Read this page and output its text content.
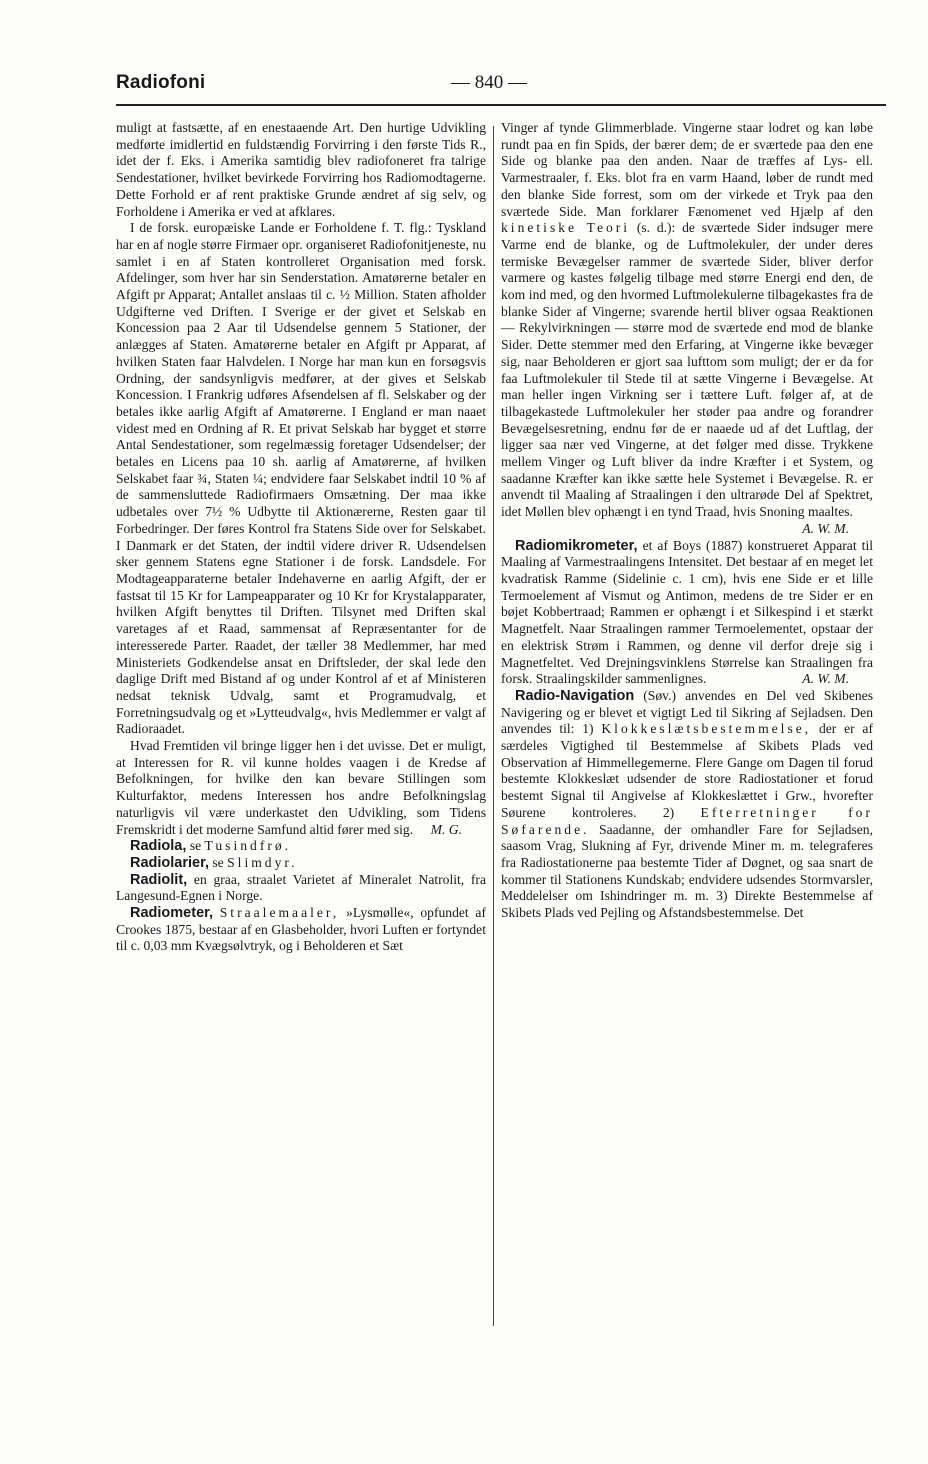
Radiofoni	— 840 —

muligt at fastsætte, af en enestaaende Art. Den hurtige Udvikling medførte imidlertid en fuldstændig Forvirring i den første Tids R., idet der f. Eks. i Amerika samtidig blev radiofoneret fra talrige Sendestationer, hvilket bevirkede Forvirring hos Radiomodtagerne. Dette Forhold er af rent praktiske Grunde ændret af sig selv, og Forholdene i Amerika er ved at afklares.

I de forsk. europæiske Lande er Forholdene f. T. flg.: Tyskland har en af nogle større Firmaer opr. organiseret Radiofonitjeneste, nu samlet i en af Staten kontrolleret Organisation med forsk. Afdelinger, som hver har sin Senderstation. Amatørerne betaler en Afgift pr Apparat; Antallet anslaas til c. ½ Million. Staten afholder Udgifterne ved Driften. I Sverige er der givet et Selskab en Koncession paa 2 Aar til Udsendelse gennem 5 Stationer, der anlægges af Staten. Amatørerne betaler en Afgift pr Apparat, af hvilken Staten faar Halvdelen. I Norge har man kun en forsøgsvis Ordning, der sandsynligvis medfører, at der gives et Selskab Koncession. I Frankrig udføres Afsendelsen af fl. Selskaber og der betales ikke aarlig Afgift af Amatørerne. I England er man naaet videst med en Ordning af R. Et privat Selskab har bygget et større Antal Sendestationer, som regelmæssig foretager Udsendelser; der betales en Licens paa 10 sh. aarlig af Amatørerne, af hvilken Selskabet faar ¾, Staten ¼; endvidere faar Selskabet indtil 10 % af de sammensluttede Radiofirmaers Omsætning. Der maa ikke udbetales over 7½ % Udbytte til Aktionærerne, Resten gaar til Forbedringer. Der føres Kontrol fra Statens Side over for Selskabet. I Danmark er det Staten, der indtil videre driver R. Udsendelsen sker gennem Statens egne Stationer i de forsk. Landsdele. For Modtageapparaterne betaler Indehaverne en aarlig Afgift, der er fastsat til 15 Kr for Lampeapparater og 10 Kr for Krystalapparater, hvilken Afgift benyttes til Driften. Tilsynet med Driften skal varetages af et Raad, sammensat af Repræsentanter for de interesserede Parter. Raadet, der tæller 38 Medlemmer, har med Ministeriets Godkendelse ansat en Driftsleder, der skal lede den daglige Drift med Bistand af og under Kontrol af et af Ministeren nedsat teknisk Udvalg, samt et Programudvalg, et Forretningsudvalg og et »Lytteudvalg«, hvis Medlemmer er valgt af Radioraadet.

Hvad Fremtiden vil bringe ligger hen i det uvisse. Det er muligt, at Interessen for R. vil kunne holdes vaagen i de Kredse af Befolkningen, for hvilke den kan bevare Stillingen som Kulturfaktor, medens Interessen hos andre Befolkningslag naturligvis vil være underkastet den Udvikling, som Tidens Fremskridt i det moderne Samfund altid fører med sig.	M. G.

Radiola, se Tusindfrø.

Radiolarier, se Slimdyr.

Radiolit, en graa, straalet Varietet af Mineralet Natrolit, fra Langesund-Egnen i Norge.

Radiometer, Straalemaaler, »Lysmølle«, opfundet af Crookes 1875, bestaar af en Glasbeholder, hvori Luften er fortyndet til c. 0,03 mm Kvægsølvtryk, og i Beholderen et Sæt

Vinger af tynde Glimmerblade. Vingerne staar lodret og kan løbe rundt paa en fin Spids, der bærer dem; de er sværtede paa den ene Side og blanke paa den anden. Naar de træffes af Lys- ell. Varmestraaler, f. Eks. blot fra en varm Haand, løber de rundt med den blanke Side forrest, som om der virkede et Tryk paa den sværtede Side. Man forklarer Fænomenet ved Hjælp af den kinetiske Teori (s. d.): de sværtede Sider indsuger mere Varme end de blanke, og de Luftmolekuler, der under deres termiske Bevægelser rammer de sværtede Sider, bliver derfor varmere og kastes følgelig tilbage med større Energi end den, de kom ind med, og den hvormed Luftmolekulerne tilbagekastes fra de blanke Sider af Vingerne; svarende hertil bliver ogsaa Reaktionen — Rekylvirkningen — større mod de sværtede end mod de blanke Sider. Dette stemmer med den Erfaring, at Vingerne ikke bevæger sig, naar Beholderen er gjort saa lufttom som muligt; der er da for faa Luftmolekuler til Stede til at sætte Vingerne i Bevægelse. At man heller ingen Virkning ser i tættere Luft. følger af, at de tilbagekastede Luftmolekuler her støder paa andre og forandrer Bevægelsesretning, endnu før de er naaede ud af det Luftlag, der ligger saa nær ved Vingerne, at det følger med disse. Trykkene mellem Vinger og Luft bliver da indre Kræfter i et System, og saadanne Kræfter kan ikke sætte hele Systemet i Bevægelse. R. er anvendt til Maaling af Straalingen i den ultrarøde Del af Spektret, idet Møllen blev ophængt i en tynd Traad, hvis Snoning maaltes.
A. W. M.

Radiomikrometer, et af Boys (1887) konstrueret Apparat til Maaling af Varmestraalingens Intensitet. Det bestaar af en meget let kvadratisk Ramme (Sidelinie c. 1 cm), hvis ene Side er et lille Termoelement af Vismut og Antimon, medens de tre Sider er en bøjet Kobbertraad; Rammen er ophængt i et Silkespind i et stærkt Magnetfelt. Naar Straalingen rammer Termoelementet, opstaar der en elektrisk Strøm i Rammen, og denne vil derfor dreje sig i Magnetfeltet. Ved Drejningsvinklens Størrelse kan Straalingen fra forsk. Straalingskilder sammenlignes.	A. W. M.

Radio-Navigation (Søv.) anvendes en Del ved Skibenes Navigering og er blevet et vigtigt Led til Sikring af Sejladsen. Den anvendes til: 1) Klokkeslætsbestemmelse, der er af særdeles Vigtighed til Bestemmelse af Skibets Plads ved Observation af Himmellegemerne. Flere Gange om Dagen til forud bestemte Klokkeslæt udsender de store Radiostationer et forud bestemt Signal til Angivelse af Klokkeslættet i Grw., hvorefter Søurene kontroleres. 2) Efterretninger for Søfarende. Saadanne, der omhandler Fare for Sejladsen, saasom Vrag, Slukning af Fyr, drivende Miner m. m. telegraferes fra Radiostationerne paa bestemte Tider af Døgnet, og saa snart de kommer til Stationens Kundskab; endvidere udsendes Stormvarsler, Meddelelser om Ishindringer m. m. 3) Direkte Bestemmelse af Skibets Plads ved Pejling og Afstandsbestemmelse. Det
